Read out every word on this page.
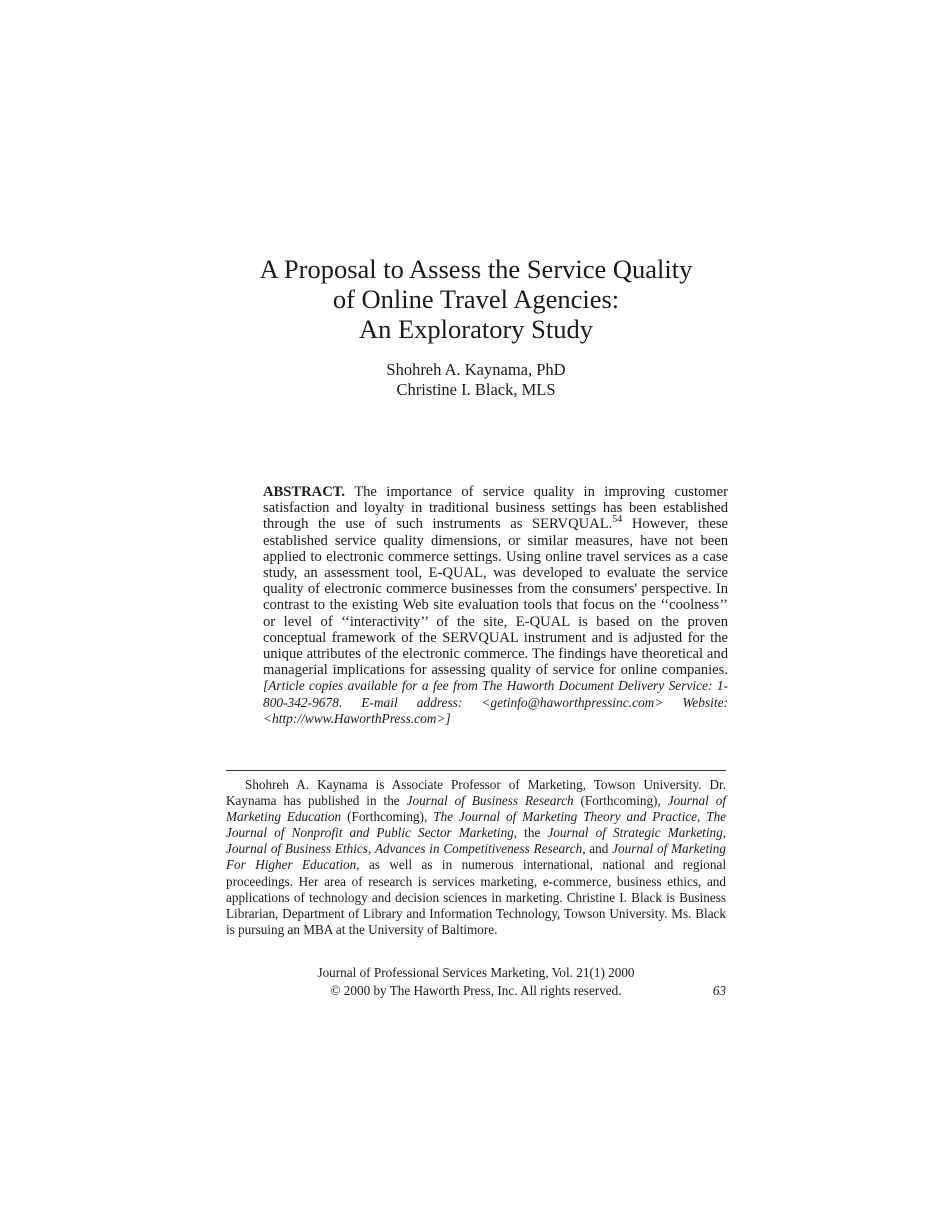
A Proposal to Assess the Service Quality
of Online Travel Agencies:
An Exploratory Study
Shohreh A. Kaynama, PhD
Christine I. Black, MLS
ABSTRACT. The importance of service quality in improving customer satisfaction and loyalty in traditional business settings has been established through the use of such instruments as SERVQUAL.$^{54}$ However, these established service quality dimensions, or similar measures, have not been applied to electronic commerce settings. Using online travel services as a case study, an assessment tool, E-QUAL, was developed to evaluate the service quality of electronic commerce businesses from the consumers' perspective. In contrast to the existing Web site evaluation tools that focus on the ‘‘coolness’’ or level of ‘‘interactivity’’ of the site, E-QUAL is based on the proven conceptual framework of the SERVQUAL instrument and is adjusted for the unique attributes of the electronic commerce. The findings have theoretical and managerial implications for assessing quality of service for online companies. [Article copies available for a fee from The Haworth Document Delivery Service: 1-800-342-9678. E-mail address: <getinfo@haworthpressinc.com> Website: <http://www.HaworthPress.com>]

Shohreh A. Kaynama is Associate Professor of Marketing, Towson University. Dr. Kaynama has published in the Journal of Business Research (Forthcoming), Journal of Marketing Education (Forthcoming), The Journal of Marketing Theory and Practice, The Journal of Nonprofit and Public Sector Marketing, the Journal of Strategic Marketing, Journal of Business Ethics, Advances in Competitiveness Research, and Journal of Marketing For Higher Education, as well as in numerous international, national and regional proceedings. Her area of research is services marketing, e-commerce, business ethics, and applications of technology and decision sciences in marketing. Christine I. Black is Business Librarian, Department of Library and Information Technology, Towson University. Ms. Black is pursuing an MBA at the University of Baltimore.

Journal of Professional Services Marketing, Vol. 21(1) 2000
© 2000 by The Haworth Press, Inc. All rights reserved.	63
